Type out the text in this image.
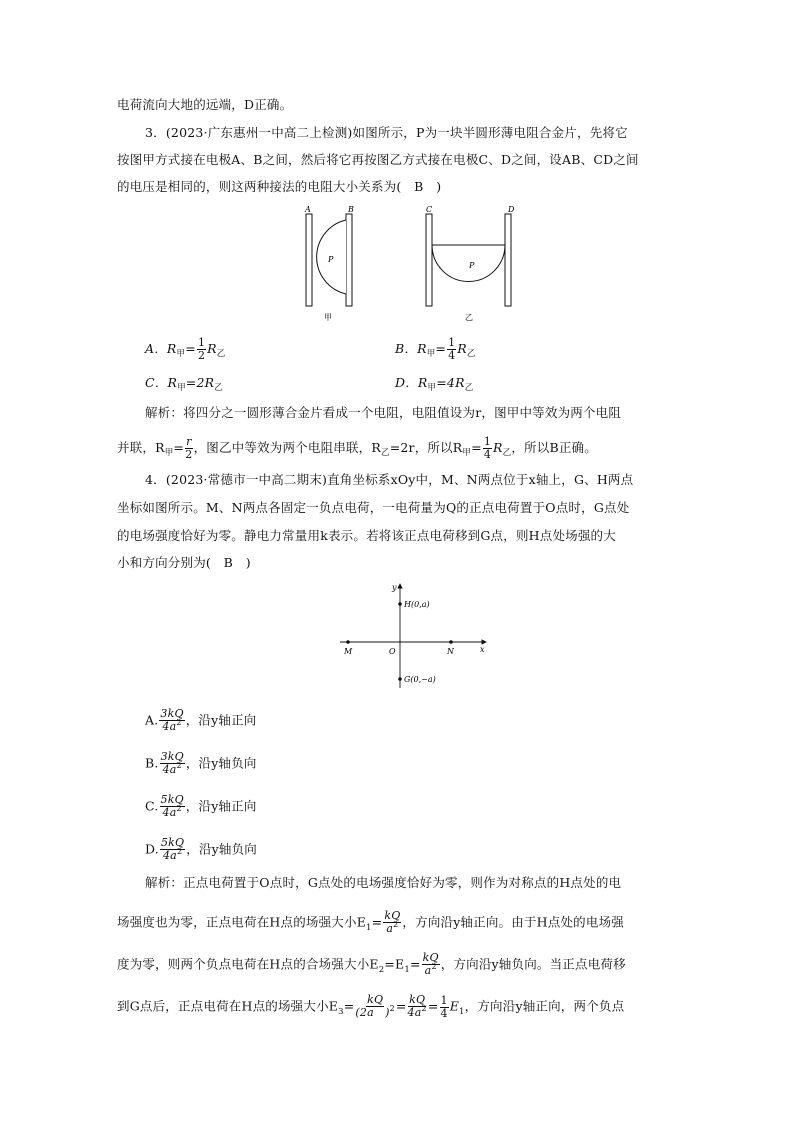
电荷流向大地的远端，D正确。
3．(2023·广东惠州一中高二上检测)如图所示，P为一块半圆形薄电阻合金片，先将它
按图甲方式接在电极A、B之间，然后将它再按图乙方式接在电极C、D之间，设AB、CD之间
的电压是相同的，则这两种接法的电阻大小关系为(　B　)
A	B
P
甲
C	D
P
乙
A．$R_甲= \frac{1}{2} R_乙$	B．$R_甲= \frac{1}{4} R_乙$
C．$R_甲=2R_乙$	D．$R_甲=4R_乙$
解析：将四分之一圆形薄合金片看成一个电阻，电阻值设为r，图甲中等效为两个电阻
并联，$R_甲= \frac{r}{2}$ ，图乙中等效为两个电阻串联，$R_乙=2r$，所以$R_甲= \frac{1}{4} R_乙$，所以B正确。
4．(2023·常德市一中高二期末)直角坐标系xOy中，M、N两点位于x轴上，G、H两点
坐标如图所示。M、N两点各固定一负点电荷，一电荷量为Q的正点电荷置于O点时，G点处
的电场强度恰好为零。静电力常量用k表示。若将该正点电荷移到G点，则H点处场强的大
小和方向分别为(　B　)
y
x
H(0,a)
G(0,−a)
M	O	N
A. $\frac{3kQ}{4a^2}$ ，沿y轴正向
B. $\frac{3kQ}{4a^2}$ ，沿y轴负向
C. $\frac{5kQ}{4a^2}$ ，沿y轴正向
D. $\frac{5kQ}{4a^2}$ ，沿y轴负向
解析：正点电荷置于O点时，G点处的电场强度恰好为零，则作为对称点的H点处的电
场强度也为零，正点电荷在H点的场强大小$E_1= \frac{kQ}{a^2}$ ，方向沿y轴正向。由于H点处的电场强
度为零，则两个负点电荷在H点的合场强大小$E_2=E_1= \frac{kQ}{a^2}$ ，方向沿y轴负向。当正点电荷移
到G点后，正点电荷在H点的场强大小$E_3= \frac{kQ}{(2a )^2} = \frac{kQ}{4a^2} = \frac{1}{4} E_1$，方向沿y轴正向，两个负点
